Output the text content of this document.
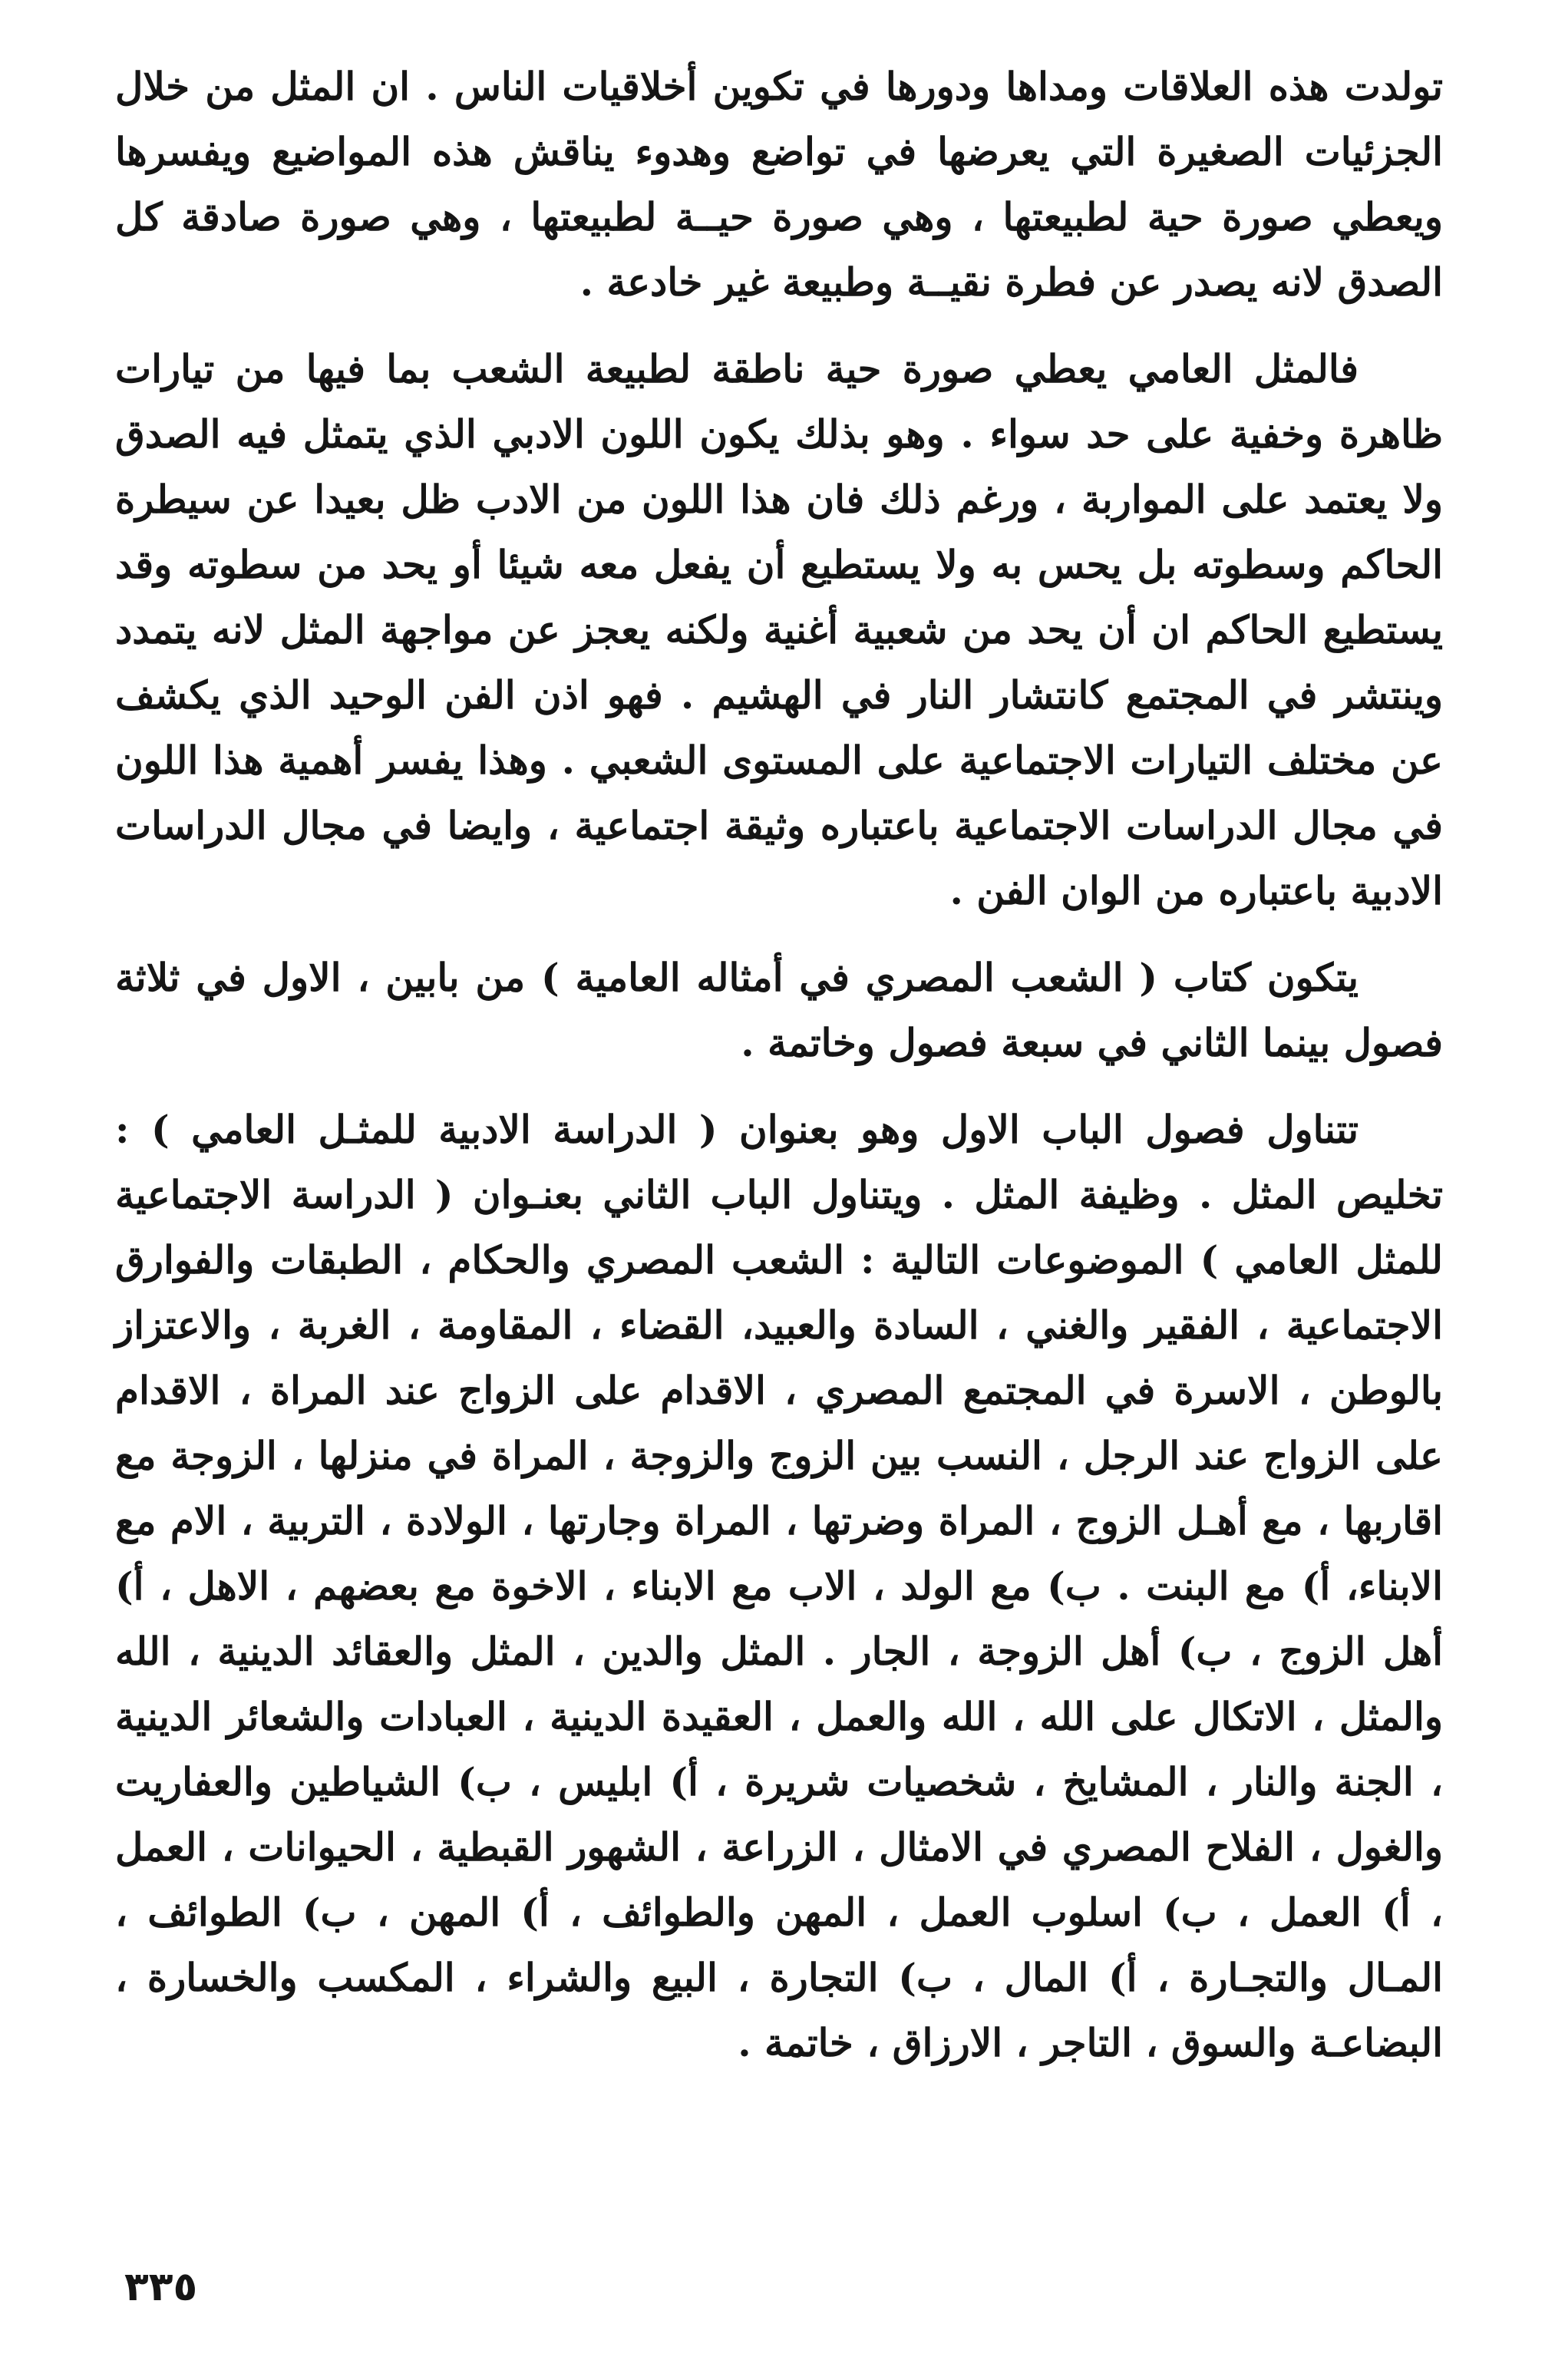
تولدت هذه العلاقات ومداها ودورها في تكوين أخلاقيات الناس . ان المثل من خلال الجزئيات الصغيرة التي يعرضها في تواضع وهدوء يناقش هذه المواضيع ويفسرها ويعطي صورة حية لطبيعتها ، وهي صورة حيــة لطبيعتها ، وهي صورة صادقة كل الصدق لانه يصدر عن فطرة نقيــة وطبيعة غير خادعة .

فالمثل العامي يعطي صورة حية ناطقة لطبيعة الشعب بما فيها من تيارات ظاهرة وخفية على حد سواء . وهو بذلك يكون اللون الادبي الذي يتمثل فيه الصدق ولا يعتمد على المواربة ، ورغم ذلك فان هذا اللون من الادب ظل بعيدا عن سيطرة الحاكم وسطوته بل يحس به ولا يستطيع أن يفعل معه شيئا أو يحد من سطوته وقد يستطيع الحاكم ان أن يحد من شعبية أغنية ولكنه يعجز عن مواجهة المثل لانه يتمدد وينتشر في المجتمع كانتشار النار في الهشيم . فهو اذن الفن الوحيد الذي يكشف عن مختلف التيارات الاجتماعية على المستوى الشعبي . وهذا يفسر أهمية هذا اللون في مجال الدراسات الاجتماعية باعتباره وثيقة اجتماعية ، وايضا في مجال الدراسات الادبية باعتباره من الوان الفن .

يتكون كتاب ( الشعب المصري في أمثاله العامية ) من بابين ، الاول في ثلاثة فصول بينما الثاني في سبعة فصول وخاتمة .

تتناول فصول الباب الاول وهو بعنوان ( الدراسة الادبية للمثـل العامي ) : تخليص المثل . وظيفة المثل . ويتناول الباب الثاني بعنـوان ( الدراسة الاجتماعية للمثل العامي ) الموضوعات التالية : الشعب المصري والحكام ، الطبقات والفوارق الاجتماعية ، الفقير والغني ، السادة والعبيد، القضاء ، المقاومة ، الغربة ، والاعتزاز بالوطن ، الاسرة في المجتمع المصري ، الاقدام على الزواج عند المراة ، الاقدام على الزواج عند الرجل ، النسب بين الزوج والزوجة ، المراة في منزلها ، الزوجة مع اقاربها ، مع أهـل الزوج ، المراة وضرتها ، المراة وجارتها ، الولادة ، التربية ، الام مع الابناء، أ) مع البنت . ب) مع الولد ، الاب مع الابناء ، الاخوة مع بعضهم ، الاهل ، أ) أهل الزوج ، ب) أهل الزوجة ، الجار . المثل والدين ، المثل والعقائد الدينية ، الله والمثل ، الاتكال على الله ، الله والعمل ، العقيدة الدينية ، العبادات والشعائر الدينية ، الجنة والنار ، المشايخ ، شخصيات شريرة ، أ) ابليس ، ب) الشياطين والعفاريت والغول ، الفلاح المصري في الامثال ، الزراعة ، الشهور القبطية ، الحيوانات ، العمل ، أ) العمل ، ب) اسلوب العمل ، المهن والطوائف ، أ) المهن ، ب) الطوائف ، المـال والتجـارة ، أ) المال ، ب) التجارة ، البيع والشراء ، المكسب والخسارة ، البضاعـة والسوق ، التاجر ، الارزاق ، خاتمة .

٣٣٥
